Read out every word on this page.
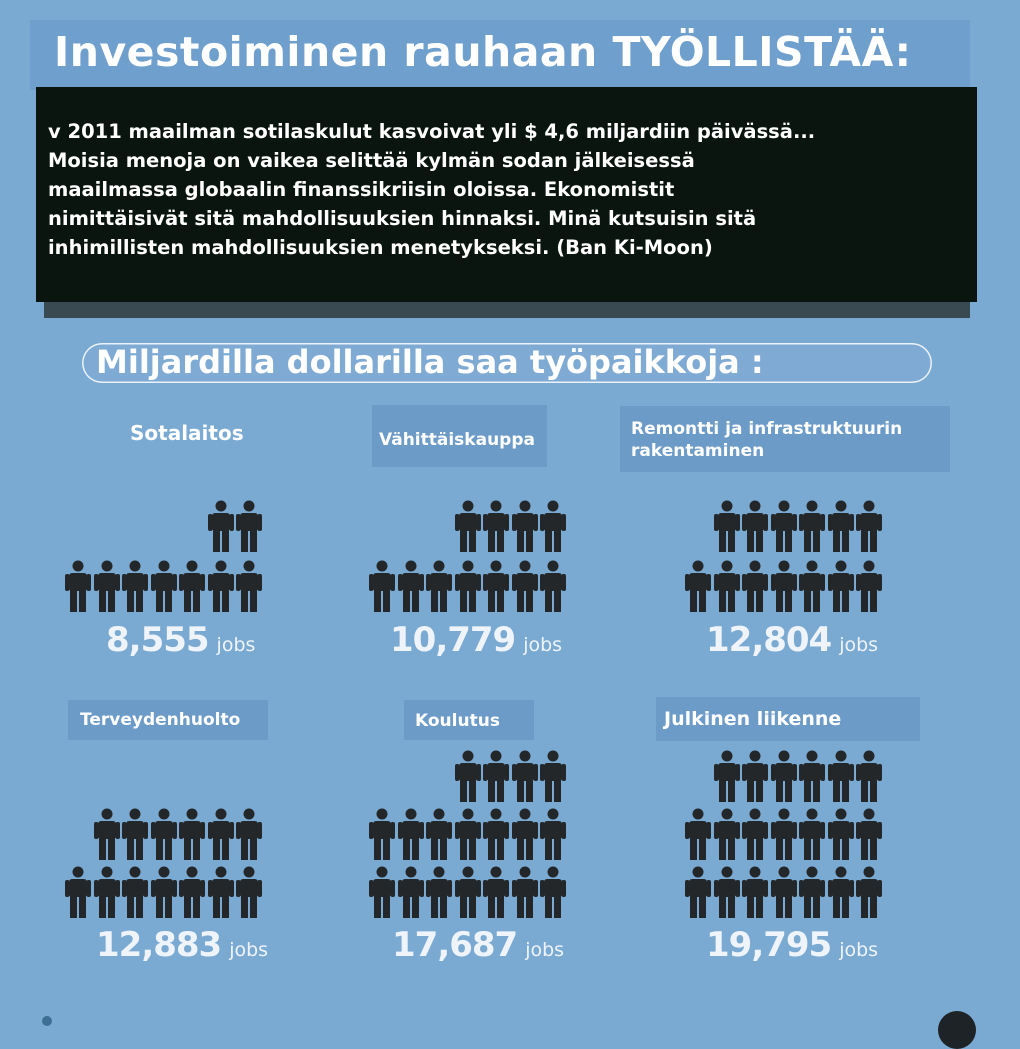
Investoiminen rauhaan TYÖLLISTÄÄ:

v 2011 maailman sotilaskulut kasvoivat yli $ 4,6 miljardiin päivässä...
Moisia menoja on vaikea selittää kylmän sodan jälkeisessä
maailmassa globaalin finanssikriisin oloissa. Ekonomistit
nimittäisivät sitä mahdollisuuksien hinnaksi. Minä kutsuisin sitä
inhimillisten mahdollisuuksien menetykseksi. (Ban Ki-Moon)

Miljardilla dollarilla saa työpaikkoja :
Sotalaitos
8,555 jobs
Vähittäiskauppa
10,779 jobs
Remontti ja infrastruktuurin
rakentaminen
12,804 jobs
Terveydenhuolto
12,883 jobs
Koulutus
17,687 jobs
Julkinen liikenne
19,795 jobs
